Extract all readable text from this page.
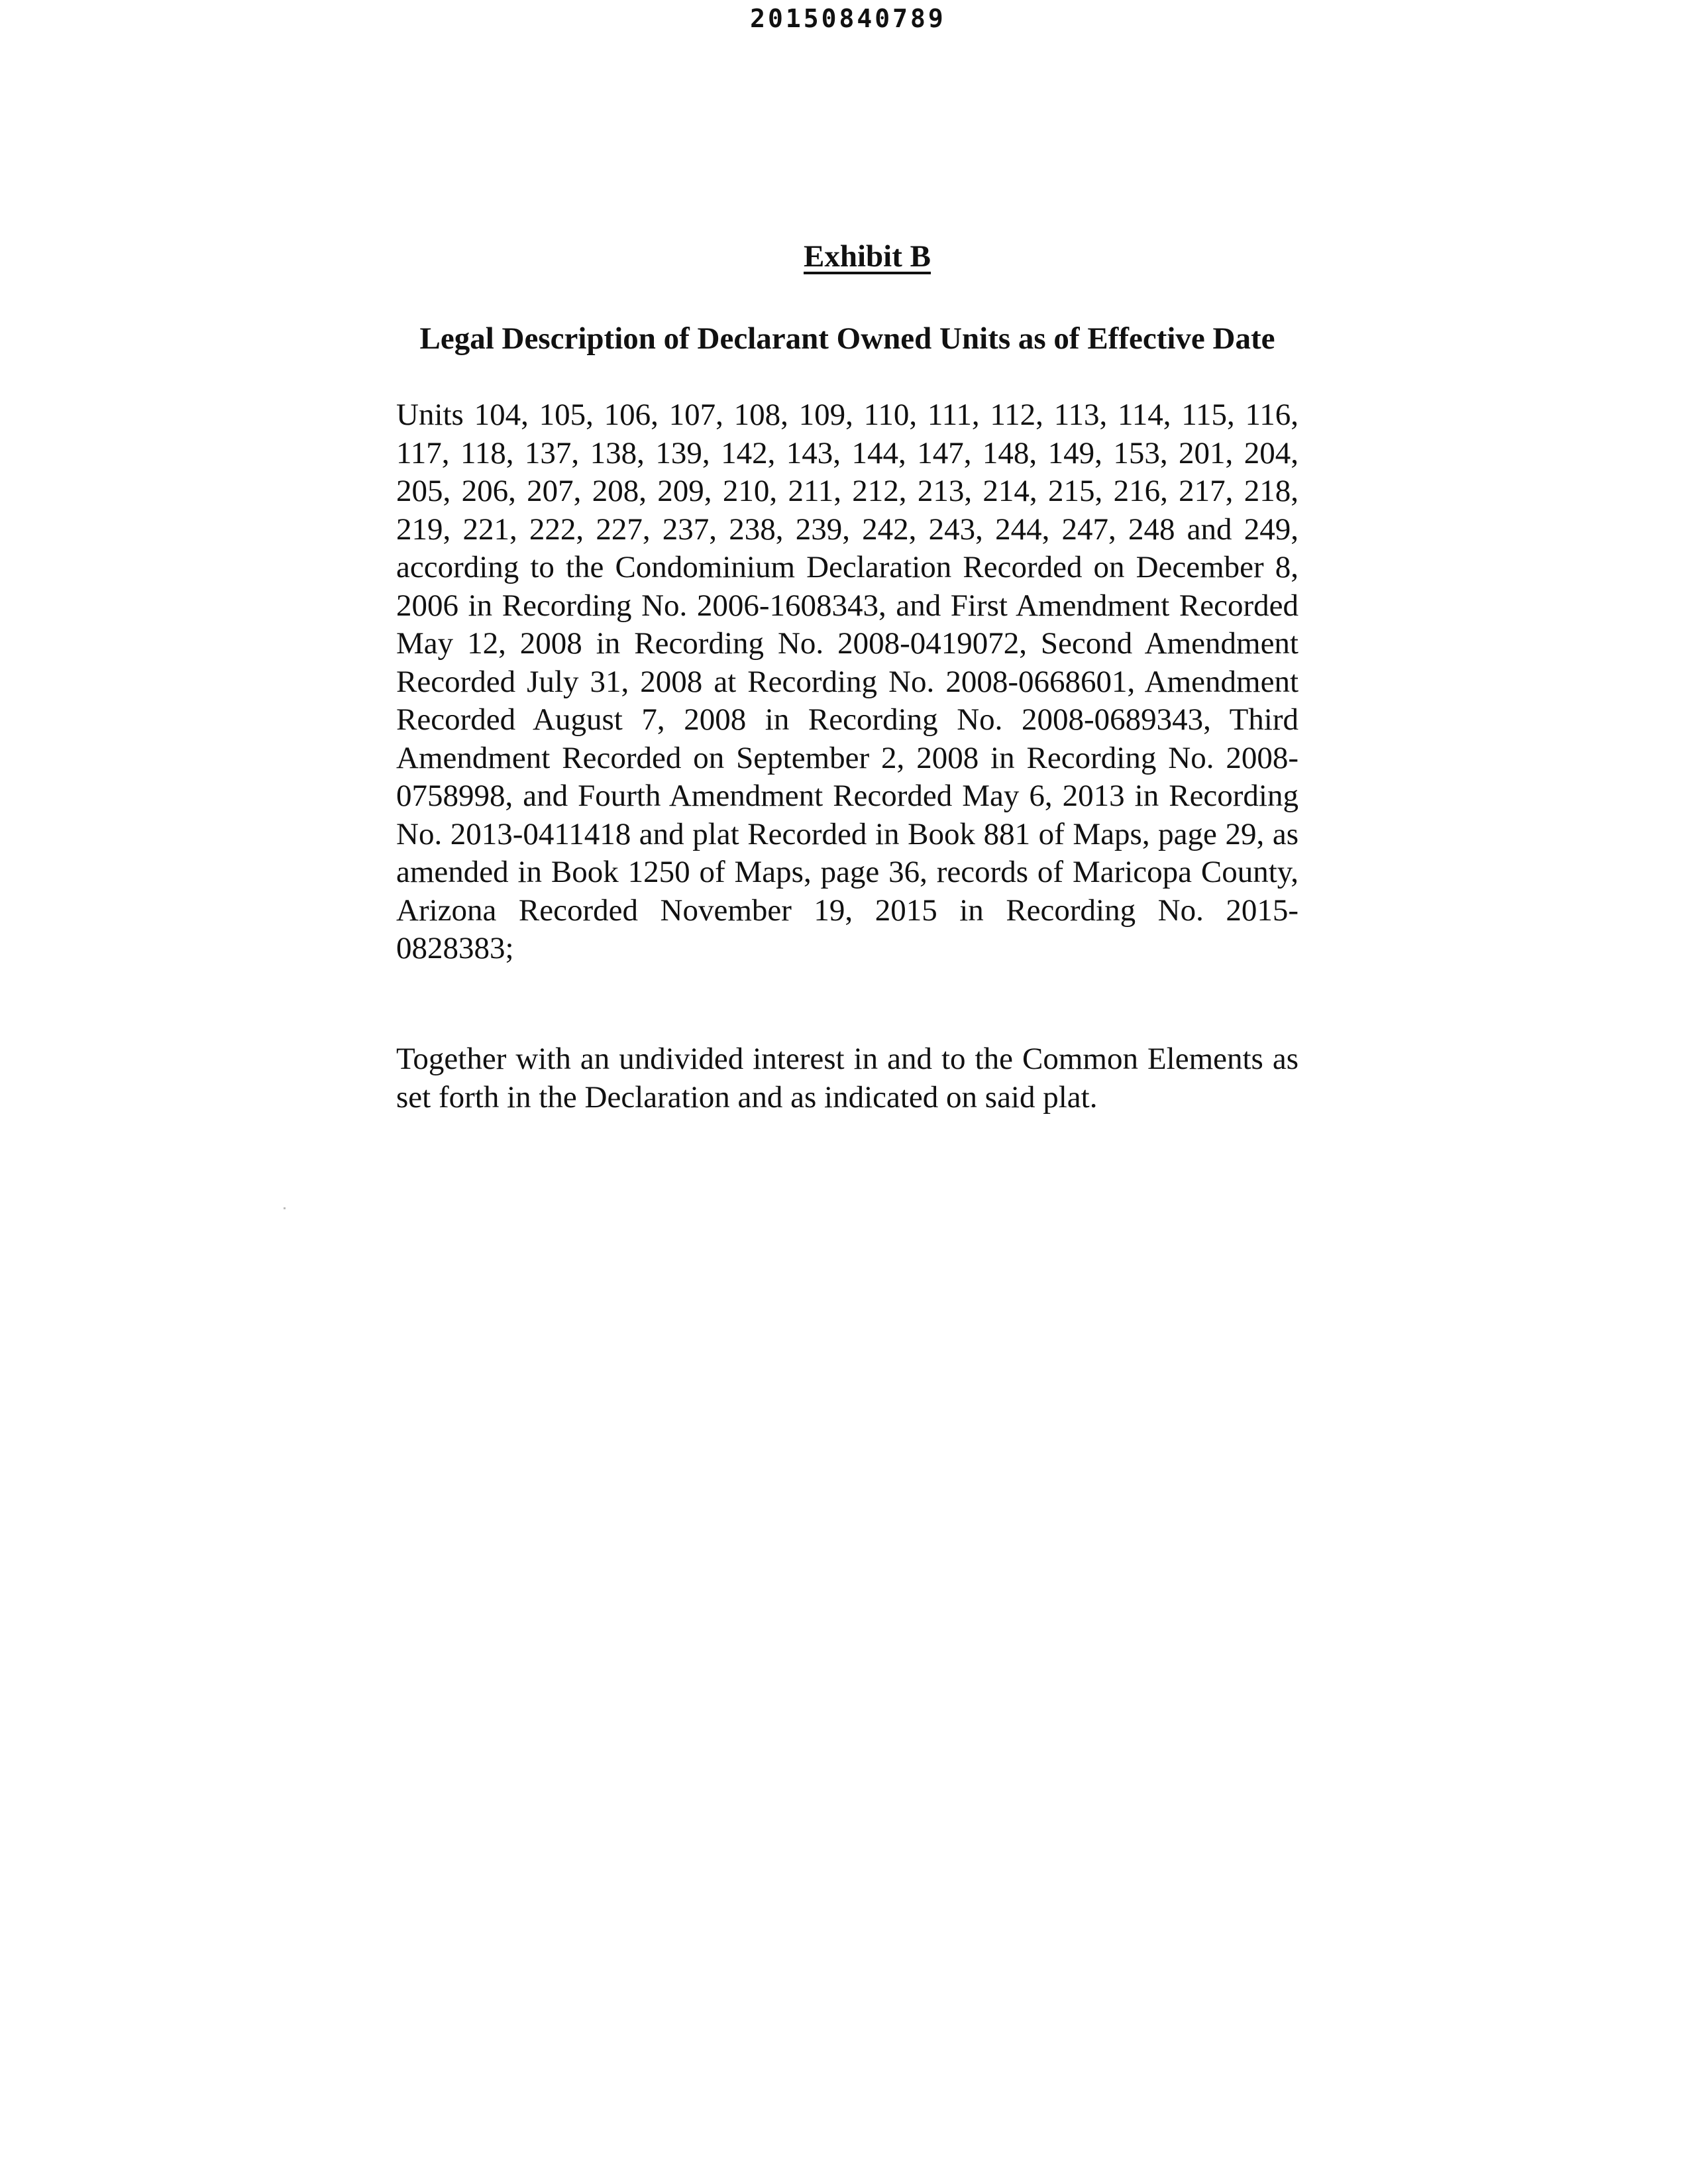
20150840789
Exhibit B
Legal Description of Declarant Owned Units as of Effective Date
Units 104, 105, 106, 107, 108, 109, 110, 111, 112, 113, 114, 115, 116, 117, 118, 137, 138, 139, 142, 143, 144, 147, 148, 149, 153, 201, 204, 205, 206, 207, 208, 209, 210, 211, 212, 213, 214, 215, 216, 217, 218, 219, 221, 222, 227, 237, 238, 239, 242, 243, 244, 247, 248 and 249, according to the Condominium Declaration Recorded on December 8, 2006 in Recording No. 2006-1608343, and First Amendment Recorded May 12, 2008 in Recording No. 2008-0419072, Second Amendment Recorded July 31, 2008 at Recording No. 2008-0668601, Amendment Recorded August 7, 2008 in Recording No. 2008-0689343, Third Amendment Recorded on September 2, 2008 in Recording No. 2008-0758998, and Fourth Amendment Recorded May 6, 2013 in Recording No. 2013-0411418 and plat Recorded in Book 881 of Maps, page 29, as amended in Book 1250 of Maps, page 36, records of Maricopa County, Arizona Recorded November 19, 2015 in Recording No. 2015-0828383;
Together with an undivided interest in and to the Common Elements as set forth in the Declaration and as indicated on said plat.
